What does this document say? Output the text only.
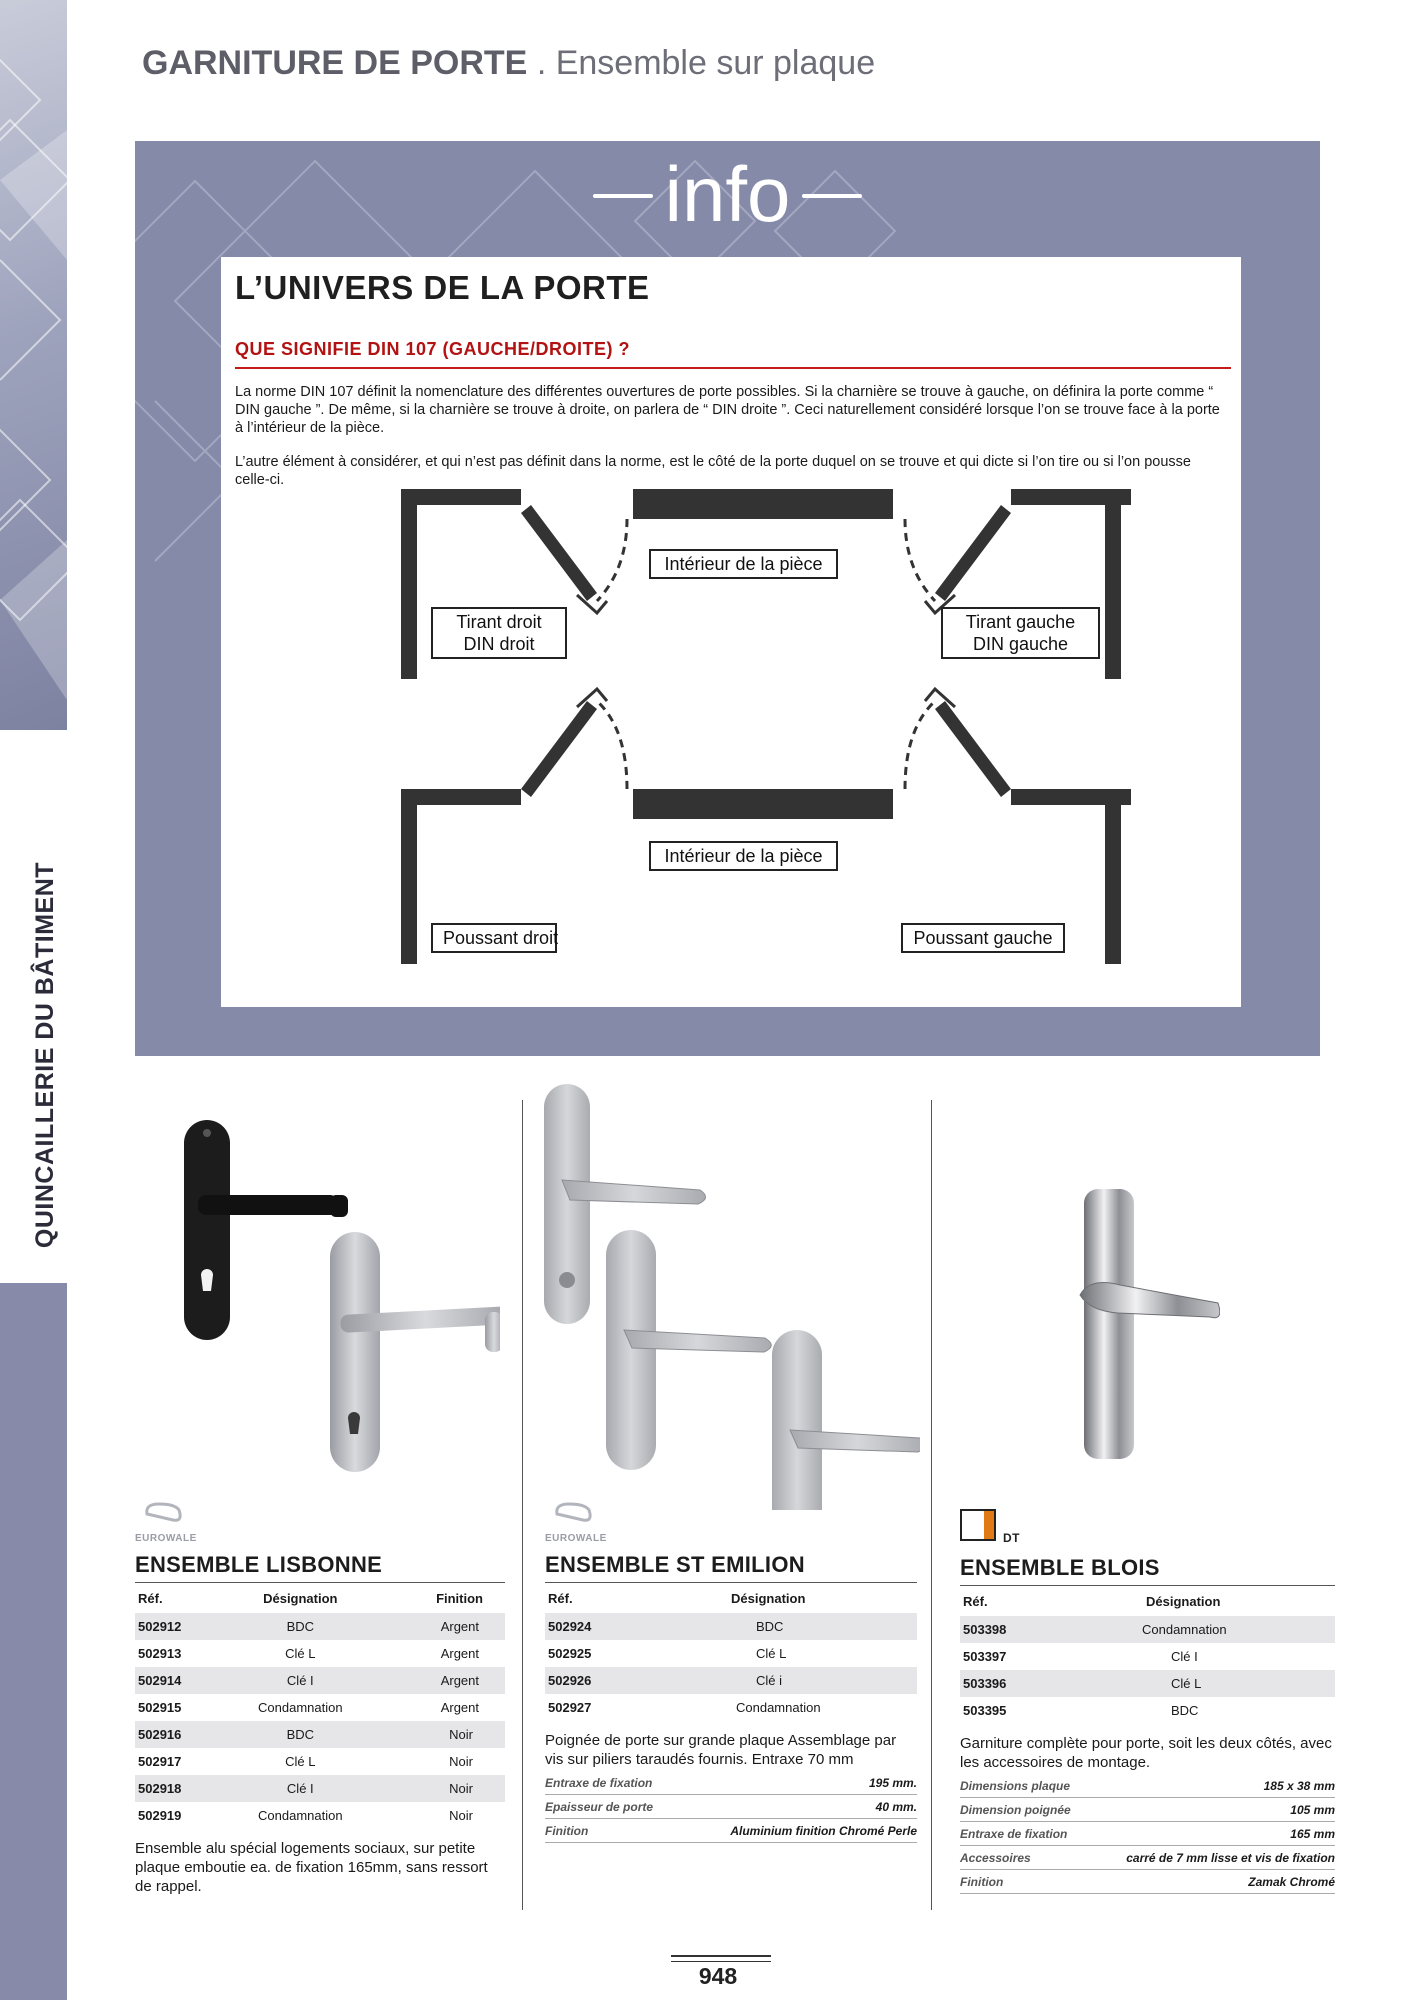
QUINCAILLERIE DU BÂTIMENT
GARNITURE DE PORTE . Ensemble sur plaque
info
L’UNIVERS DE LA PORTE
QUE SIGNIFIE DIN 107 (GAUCHE/DROITE) ?
La norme DIN 107 définit la nomenclature des différentes ouvertures de porte possibles. Si la charnière se trouve à gauche, on définira la porte comme “ DIN gauche ”. De même, si la charnière se trouve à droite, on parlera de “ DIN droite ”. Ceci naturellement considéré lorsque l’on se trouve face à la porte à l’intérieur de la pièce.
L’autre élément à considérer, et qui n’est pas définit dans la norme, est le côté de la porte duquel on se trouve et qui dicte si l’on tire ou si l’on pousse celle-ci.
Intérieur de la pièce
Tirant droit
DIN droit
Tirant gauche
DIN gauche
Intérieur de la pièce
Poussant droit	Poussant gauche
EUROWALE
ENSEMBLE LISBONNE
Réf.	Désignation	Finition
502912	BDC	Argent
502913	Clé L	Argent
502914	Clé I	Argent
502915	Condamnation	Argent
502916	BDC	Noir
502917	Clé L	Noir
502918	Clé I	Noir
502919	Condamnation	Noir
Ensemble alu spécial logements sociaux, sur petite plaque emboutie ea. de fixation 165mm, sans ressort de rappel.
EUROWALE
ENSEMBLE ST EMILION
Réf.	Désignation
502924	BDC
502925	Clé L
502926	Clé i
502927	Condamnation
Poignée de porte sur grande plaque Assemblage par vis sur piliers taraudés fournis. Entraxe 70 mm
Entraxe de fixation	195 mm.
Epaisseur de porte	40 mm.
Finition	Aluminium finition Chromé Perle
DT
ENSEMBLE BLOIS
Réf.	Désignation
503398	Condamnation
503397	Clé I
503396	Clé L
503395	BDC
Garniture complète pour porte, soit les deux côtés, avec les accessoires de montage.
Dimensions plaque	185 x 38 mm
Dimension poignée	105 mm
Entraxe de fixation	165 mm
Accessoires	carré de 7 mm lisse et vis de fixation
Finition	Zamak Chromé
948
